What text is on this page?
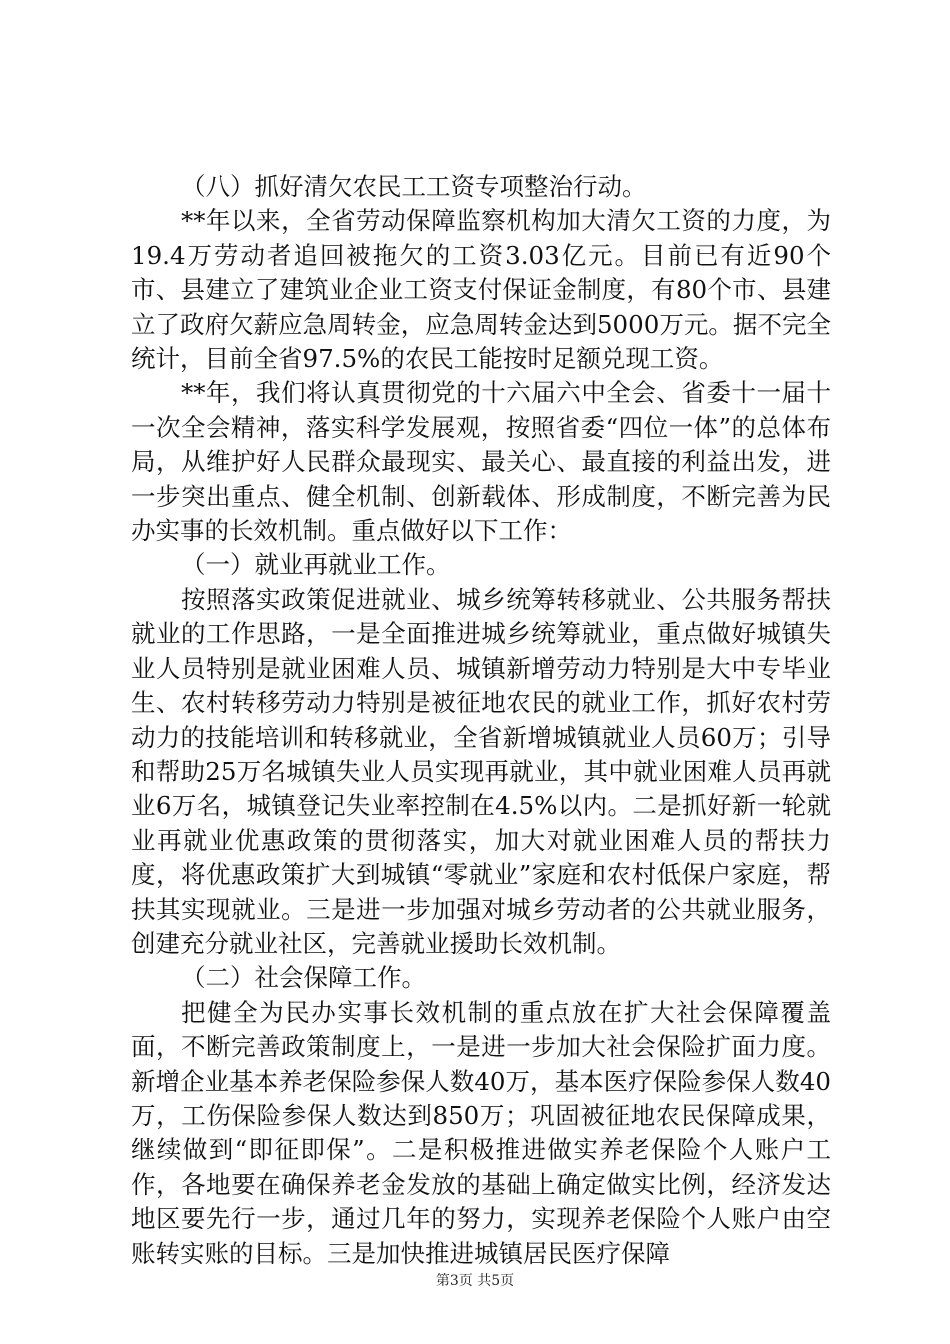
（八）抓好清欠农民工工资专项整治行动。

**年以来，全省劳动保障监察机构加大清欠工资的力度，为19.4万劳动者追回被拖欠的工资3.03亿元。目前已有近90个市、县建立了建筑业企业工资支付保证金制度，有80个市、县建立了政府欠薪应急周转金，应急周转金达到5000万元。据不完全统计，目前全省97.5%的农民工能按时足额兑现工资。

**年，我们将认真贯彻党的十六届六中全会、省委十一届十一次全会精神，落实科学发展观，按照省委“四位一体”的总体布局，从维护好人民群众最现实、最关心、最直接的利益出发，进一步突出重点、健全机制、创新载体、形成制度，不断完善为民办实事的长效机制。重点做好以下工作：

（一）就业再就业工作。

按照落实政策促进就业、城乡统筹转移就业、公共服务帮扶就业的工作思路，一是全面推进城乡统筹就业，重点做好城镇失业人员特别是就业困难人员、城镇新增劳动力特别是大中专毕业生、农村转移劳动力特别是被征地农民的就业工作，抓好农村劳动力的技能培训和转移就业，全省新增城镇就业人员60万；引导和帮助25万名城镇失业人员实现再就业，其中就业困难人员再就业6万名，城镇登记失业率控制在4.5%以内。二是抓好新一轮就业再就业优惠政策的贯彻落实，加大对就业困难人员的帮扶力度，将优惠政策扩大到城镇“零就业”家庭和农村低保户家庭，帮扶其实现就业。三是进一步加强对城乡劳动者的公共就业服务，创建充分就业社区，完善就业援助长效机制。

（二）社会保障工作。

把健全为民办实事长效机制的重点放在扩大社会保障覆盖面，不断完善政策制度上，一是进一步加大社会保险扩面力度。新增企业基本养老保险参保人数40万，基本医疗保险参保人数40万，工伤保险参保人数达到850万；巩固被征地农民保障成果，继续做到“即征即保”。二是积极推进做实养老保险个人账户工作，各地要在确保养老金发放的基础上确定做实比例，经济发达地区要先行一步，通过几年的努力，实现养老保险个人账户由空账转实账的目标。三是加快推进城镇居民医疗保障

第3页 共5页
